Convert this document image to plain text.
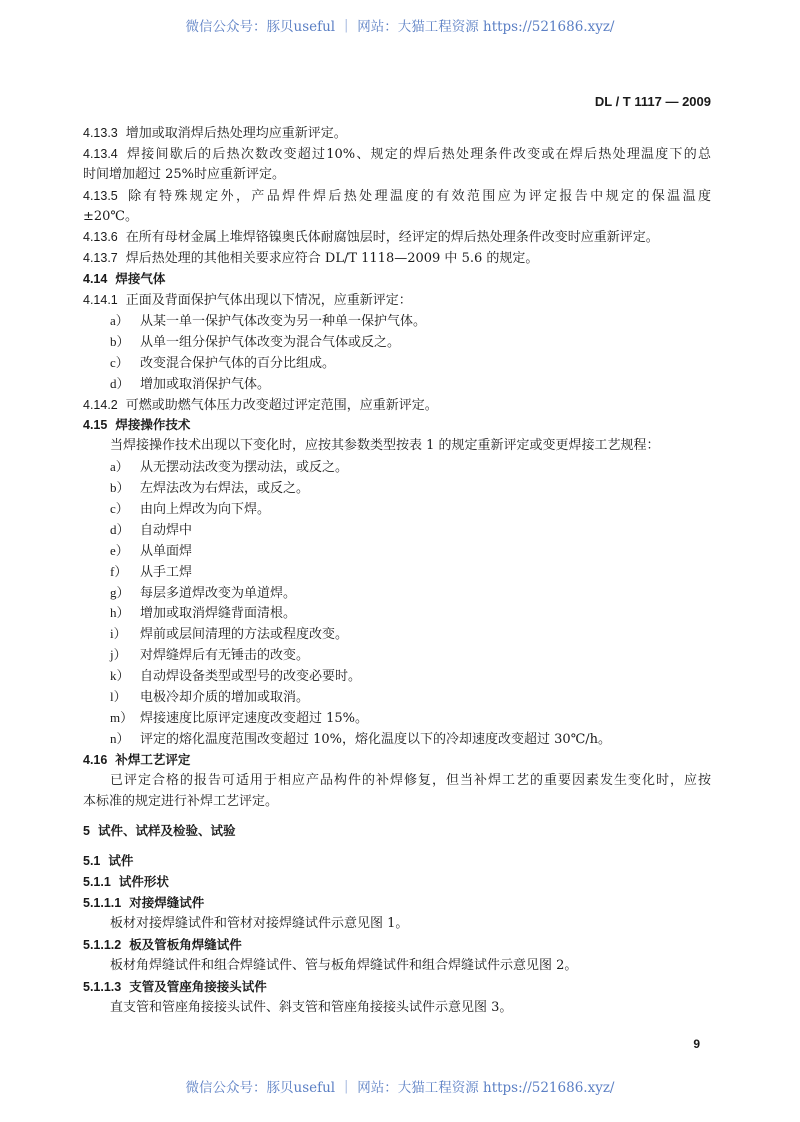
微信公众号：豚贝useful ｜ 网站：大猫工程资源 https://521686.xyz/
DL / T 1117 — 2009
4.13.3 增加或取消焊后热处理均应重新评定。
4.13.4 焊接间歇后的后热次数改变超过10%、规定的焊后热处理条件改变或在焊后热处理温度下的总
时间增加超过 25%时应重新评定。
4.13.5 除有特殊规定外，产品焊件焊后热处理温度的有效范围应为评定报告中规定的保温温度
±20℃。
4.13.6 在所有母材金属上堆焊铬镍奥氏体耐腐蚀层时，经评定的焊后热处理条件改变时应重新评定。
4.13.7 焊后热处理的其他相关要求应符合 DL/T 1118—2009 中 5.6 的规定。
4.14 焊接气体
4.14.1 正面及背面保护气体出现以下情况，应重新评定：
a） 从某一单一保护气体改变为另一种单一保护气体。
b） 从单一组分保护气体改变为混合气体或反之。
c） 改变混合保护气体的百分比组成。
d） 增加或取消保护气体。
4.14.2 可燃或助燃气体压力改变超过评定范围，应重新评定。
4.15 焊接操作技术
当焊接操作技术出现以下变化时，应按其参数类型按表 1 的规定重新评定或变更焊接工艺规程：
a） 从无摆动法改变为摆动法，或反之。
b） 左焊法改为右焊法，或反之。
c） 由向上焊改为向下焊。
d） 自动焊中
e） 从单面焊
f） 从手工焊
g） 每层多道焊改变为单道焊。
h） 增加或取消焊缝背面清根。
i） 焊前或层间清理的方法或程度改变。
j） 对焊缝焊后有无锤击的改变。
k） 自动焊设备类型或型号的改变必要时。
l） 电极冷却介质的增加或取消。
m） 焊接速度比原评定速度改变超过 15%。
n） 评定的熔化温度范围改变超过 10%，熔化温度以下的冷却速度改变超过 30℃/h。
4.16 补焊工艺评定
已评定合格的报告可适用于相应产品构件的补焊修复，但当补焊工艺的重要因素发生变化时，应按
本标准的规定进行补焊工艺评定。
5 试件、试样及检验、试验
5.1 试件
5.1.1 试件形状
5.1.1.1 对接焊缝试件
板材对接焊缝试件和管材对接焊缝试件示意见图 1。
5.1.1.2 板及管板角焊缝试件
板材角焊缝试件和组合焊缝试件、管与板角焊缝试件和组合焊缝试件示意见图 2。
5.1.1.3 支管及管座角接接头试件
直支管和管座角接接头试件、斜支管和管座角接接头试件示意见图 3。
9
微信公众号：豚贝useful ｜ 网站：大猫工程资源 https://521686.xyz/
